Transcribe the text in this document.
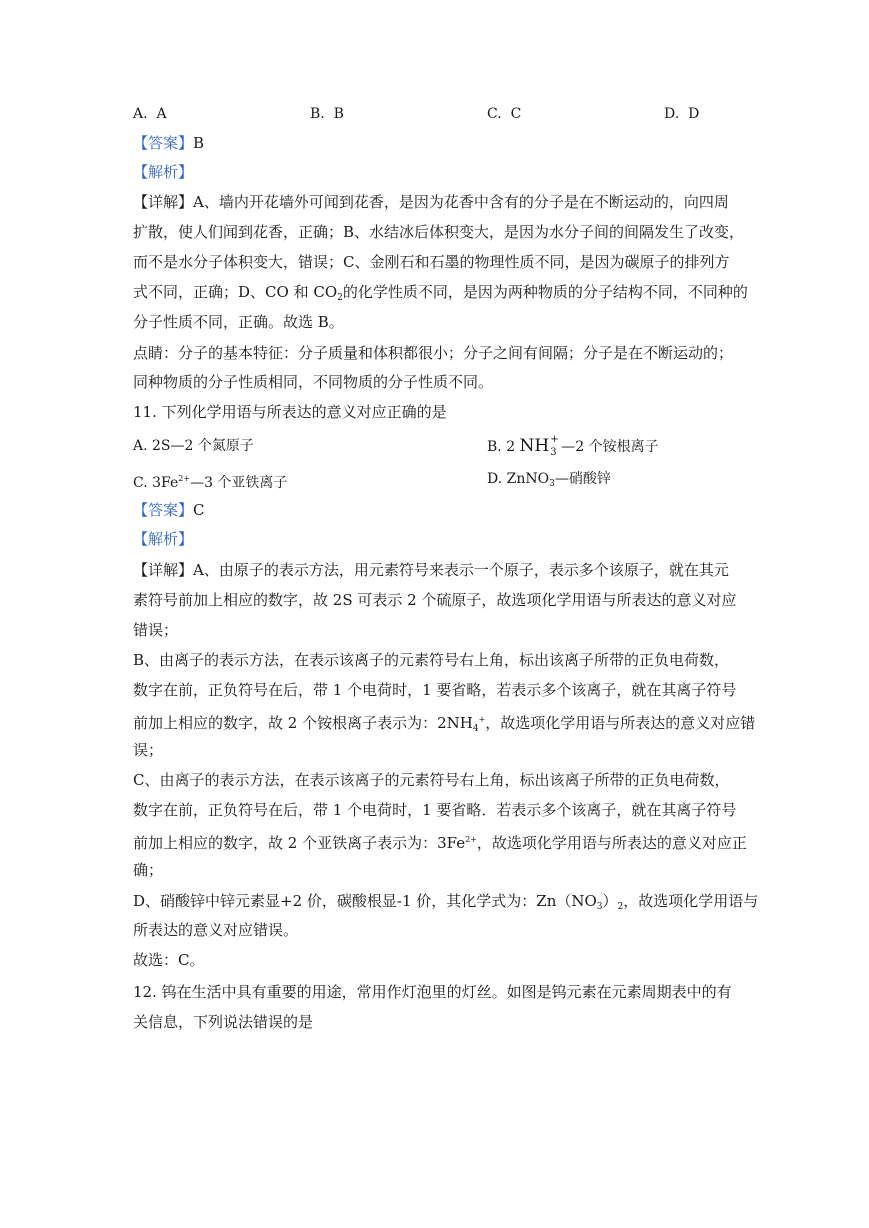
A. A	B. B	C. C	D. D
【答案】B
【解析】
【详解】A、墙内开花墙外可闻到花香，是因为花香中含有的分子是在不断运动的，向四周
扩散，使人们闻到花香，正确；B、水结冰后体积变大，是因为水分子间的间隔发生了改变，
而不是水分子体积变大，错误；C、金刚石和石墨的物理性质不同，是因为碳原子的排列方
式不同，正确；D、CO 和 $CO_2$的化学性质不同，是因为两种物质的分子结构不同，不同种的
分子性质不同，正确。故选 B。
点睛：分子的基本特征：分子质量和体积都很小；分子之间有间隔；分子是在不断运动的；
同种物质的分子性质相同，不同物质的分子性质不同。
11. 下列化学用语与所表达的意义对应正确的是
A. 2S—2 个氮原子	B. 2 NH +
3 —2 个铵根离子
C. $3Fe^{2+}—3$ 个亚铁离子	D. ZnNO$_3$—硝酸锌
【答案】C
【解析】
【详解】A、由原子的表示方法，用元素符号来表示一个原子，表示多个该原子，就在其元
素符号前加上相应的数字，故 2S 可表示 2 个硫原子，故选项化学用语与所表达的意义对应
错误；
B、由离子的表示方法，在表示该离子的元素符号右上角，标出该离子所带的正负电荷数，
数字在前，正负符号在后，带 1 个电荷时，1 要省略，若表示多个该离子，就在其离子符号
前加上相应的数字，故 2 个铵根离子表示为：$2NH_4^+$，故选项化学用语与所表达的意义对应错
误；
C、由离子的表示方法，在表示该离子的元素符号右上角，标出该离子所带的正负电荷数，
数字在前，正负符号在后，带 1 个电荷时，1 要省略．若表示多个该离子，就在其离子符号
前加上相应的数字，故 2 个亚铁离子表示为：$3Fe^{2+}$，故选项化学用语与所表达的意义对应正
确；
D、硝酸锌中锌元素显+2 价，碳酸根显-1 价，其化学式为：$Zn(NO_3)_2$，故选项化学用语与
所表达的意义对应错误。
故选：C。
12. 钨在生活中具有重要的用途，常用作灯泡里的灯丝。如图是钨元素在元素周期表中的有
关信息，下列说法错误的是
